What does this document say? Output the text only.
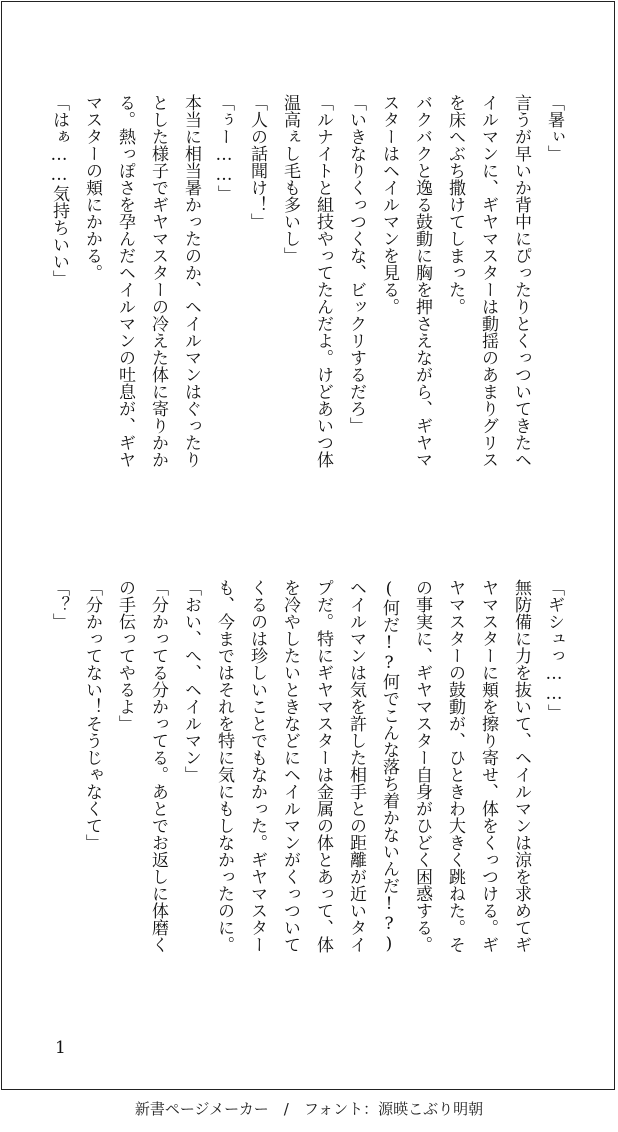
「暑ぃ」
言うが早いか背中にぴったりとくっついてきたヘ
イルマンに、ギヤマスターは動揺のあまりグリス
を床へぶち撒けてしまった。
バクバクと逸る鼓動に胸を押さえながら、ギヤマ
スターはヘイルマンを見る。
「いきなりくっつくな、ビックリするだろ」
「ルナイトと組技やってたんだよ。けどあいつ体
温高ぇし毛も多いし」
「人の話聞け！」
「ぅー……」
本当に相当暑かったのか、ヘイルマンはぐったり
とした様子でギヤマスターの冷えた体に寄りかか
る。熱っぽさを孕んだヘイルマンの吐息が、ギヤ
マスターの頬にかかる。
「はぁ……気持ちいい」
「ギシュっ……」
無防備に力を抜いて、ヘイルマンは涼を求めてギ
ヤマスターに頬を擦り寄せ、体をくっつける。ギ
ヤマスターの鼓動が、ひときわ大きく跳ねた。そ
の事実に、ギヤマスター自身がひどく困惑する。
(何だ!?何でこんな落ち着かないんだ!?)
ヘイルマンは気を許した相手との距離が近いタイ
プだ。特にギヤマスターは金属の体とあって、体
を冷やしたいときなどにヘイルマンがくっついて
くるのは珍しいことでもなかった。ギヤマスター
も、今まではそれを特に気にもしなかったのに。
「おい、へ、ヘイルマン」
「分かってる分かってる。あとでお返しに体磨く
の手伝ってやるよ」
「分かってない！そうじゃなくて」
「？」
1
新書ページメーカー　/　フォント：源暎こぶり明朝
